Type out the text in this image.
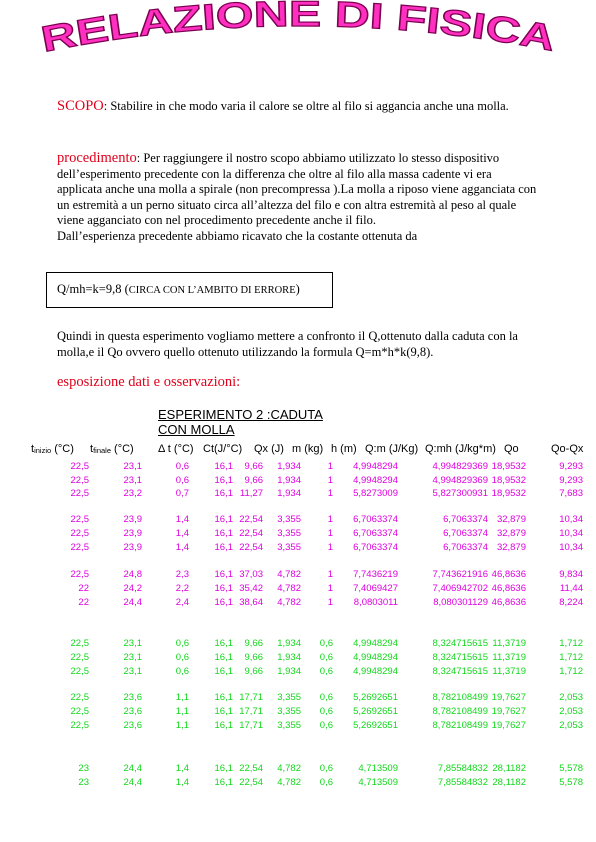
RELAZIONE DI FISICA
SCOPO: Stabilire in che modo varia il calore se oltre al filo si aggancia anche una molla.
procedimento: Per raggiungere il nostro scopo abbiamo utilizzato lo stesso dispositivo dell’esperimento precedente con la differenza che oltre al filo alla massa cadente vi era applicata anche una molla a spirale (non precompressa ).La molla a riposo viene agganciata con un estremità a un perno situato circa all’altezza del filo e con altra estremità al peso al quale viene agganciato con nel procedimento precedente anche il filo.
Dall’esperienza precedente abbiamo ricavato che la costante ottenuta da
Q/mh=k=9,8 (CIRCA CON L’AMBITO DI ERRORE)
Quindi in questa esperimento vogliamo mettere a confronto il Q,ottenuto dalla caduta con la molla,e il Qo ovvero quello ottenuto utilizzando la formula Q=m*h*k(9,8).
esposizione dati e osservazioni:
ESPERIMENTO 2 :CADUTA
CON MOLLA
$t_{inizio}$ (°C) $t_{finale}$ (°C) Δ t (°C) Ct(J/°C) Qx (J) m (kg) h (m) Q:m (J/Kg) Q:mh (J/kg*m) Qo	Qo-Qx
22,5	23,1	0,6	16,1 9,66 1,934	1 4,9948294	4,994829369 18,9532	9,293
22,5	23,1	0,6	16,1 9,66 1,934	1 4,9948294	4,994829369 18,9532	9,293
22,5	23,2	0,7	16,1 11,27 1,934	1 5,8273009	5,827300931 18,9532	7,683
22,5	23,9	1,4	16,1 22,54 3,355	1 6,7063374	6,7063374 32,879	10,34
22,5	23,9	1,4	16,1 22,54 3,355	1 6,7063374	6,7063374 32,879	10,34
22,5	23,9	1,4	16,1 22,54 3,355	1 6,7063374	6,7063374 32,879	10,34
22,5	24,8	2,3	16,1 37,03 4,782	1 7,7436219	7,743621916 46,8636	9,834
22	24,2	2,2	16,1 35,42 4,782	1 7,4069427	7,406942702 46,8636	11,44
22	24,4	2,4	16,1 38,64 4,782	1 8,0803011	8,080301129 46,8636	8,224
22,5	23,1	0,6	16,1 9,66 1,934 0,6 4,9948294	8,324715615 11,3719	1,712
22,5	23,1	0,6	16,1 9,66 1,934 0,6 4,9948294	8,324715615 11,3719	1,712
22,5	23,1	0,6	16,1 9,66 1,934 0,6 4,9948294	8,324715615 11,3719	1,712
22,5	23,6	1,1	16,1 17,71 3,355 0,6 5,2692651	8,782108499 19,7627	2,053
22,5	23,6	1,1	16,1 17,71 3,355 0,6 5,2692651	8,782108499 19,7627	2,053
22,5	23,6	1,1	16,1 17,71 3,355 0,6 5,2692651	8,782108499 19,7627	2,053
23	24,4	1,4	16,1 22,54 4,782 0,6	4,713509	7,85584832 28,1182	5,578
23	24,4	1,4	16,1 22,54 4,782 0,6	4,713509	7,85584832 28,1182	5,578
